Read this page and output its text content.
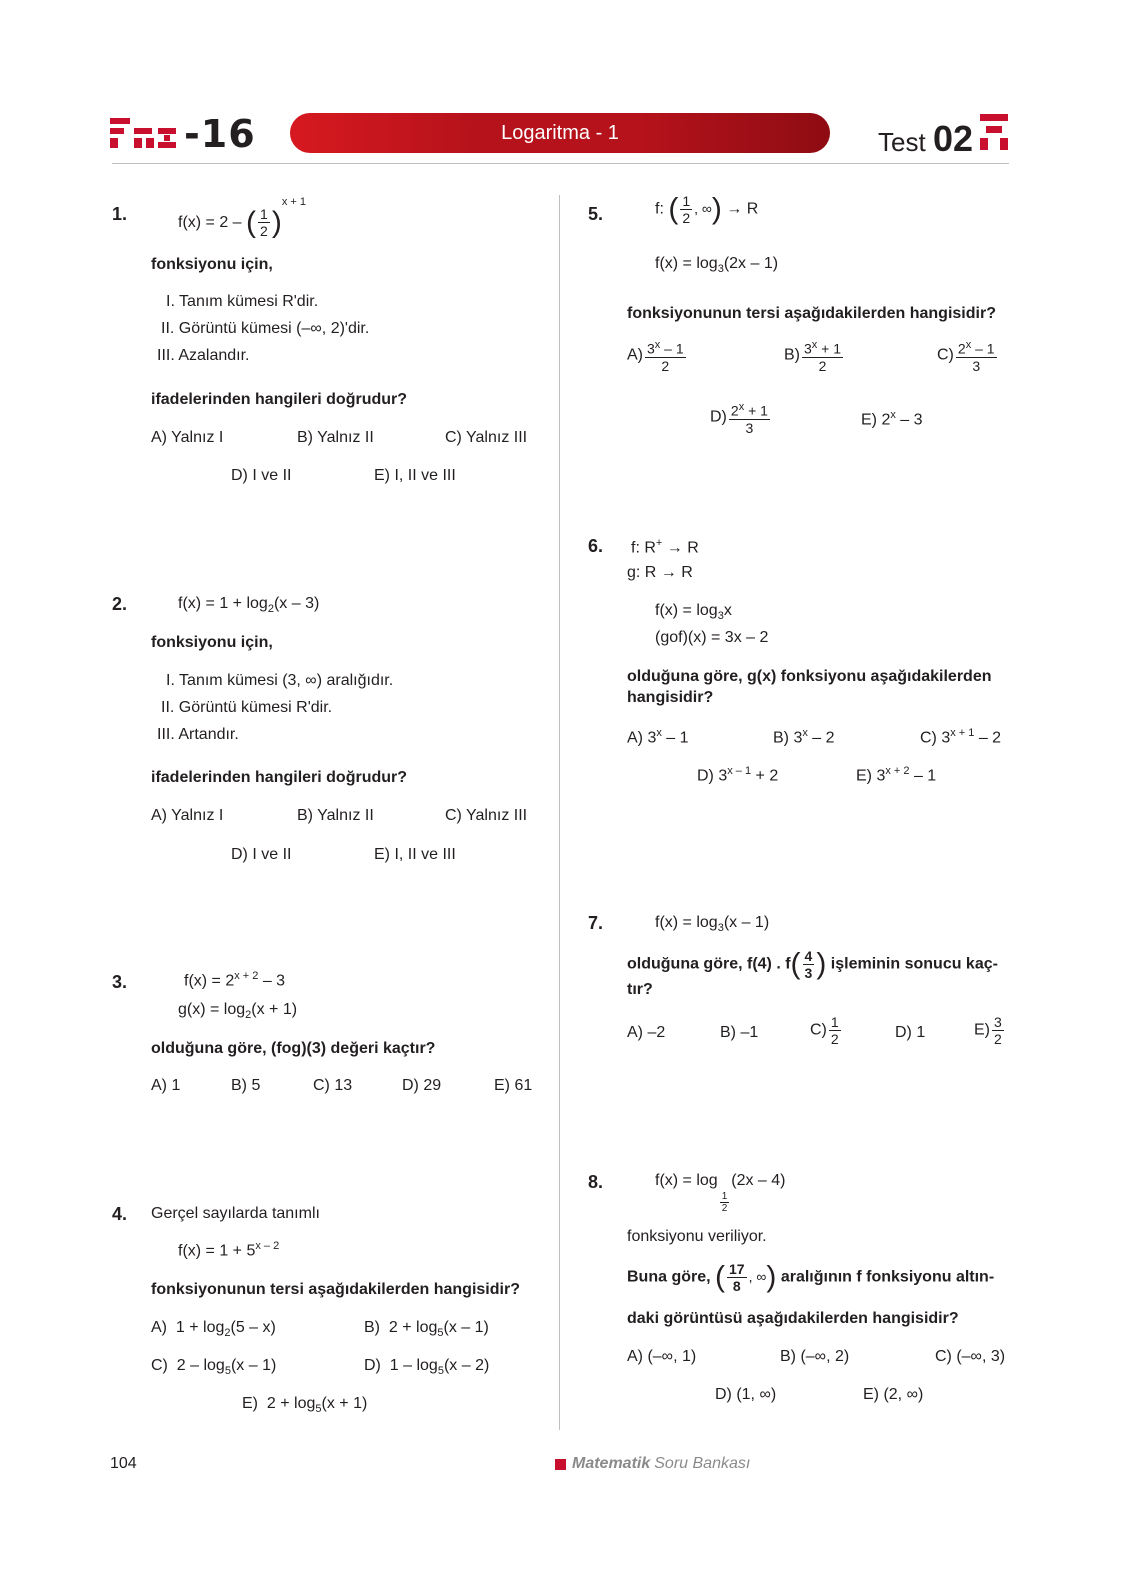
-16	Logaritma - 1	Test 02
1.	f(x) = 2 – ( $\frac{1}{2} )^{x + 1}$
fonksiyonu için,
I. Tanım kümesi R'dir.
II. Görüntü kümesi (–∞, 2)'dir.
III. Azalandır.
ifadelerinden hangileri doğrudur?
A) Yalnız I	B) Yalnız II	C) Yalnız III
D) I ve II	E) I, II ve III
2.	$f(x) = 1 + \log_2(x - 3)$
fonksiyonu için,
I. Tanım kümesi (3, ∞) aralığıdır.
II. Görüntü kümesi R'dir.
III. Artandır.
ifadelerinden hangileri doğrudur?
A) Yalnız I	B) Yalnız II	C) Yalnız III
D) I ve II	E) I, II ve III
3.	$f(x) = 2^{x + 2} - 3$
$g(x) = \log_2(x + 1)$
olduğuna göre, (fog)(3) değeri kaçtır?
A) 1	B) 5	C) 13	D) 29	E) 61
4. Gerçel sayılarda tanımlı
$f(x) = 1 + 5^{x - 2}$
fonksiyonunun tersi aşağıdakilerden hangisidir?
A) $1 + \log_2(5 - x)$	B) $2 + \log_5(x - 1)$
C) $2 - \log_5(x - 1)$	D) $1 - \log_5(x - 2)$
E) $2 + \log_5(x + 1)$
5.	f: ( $\frac{1}{2}$ , ∞) → R
$f(x) = \log_3(2x - 1)$
fonksiyonunun tersi aşağıdakilerden hangisidir?
$A) \frac{3^x - 1}{2}$	$B) \frac{3^x + 1}{2}$	$C) \frac{2^x - 1}{3}$
$D) \frac{2^x + 1}{3}$	E) 2$^x$ – 3
6. f: R+ → R
g: R → R
$f(x) = \log_3x$
(gof)(x) = 3x – 2
olduğuna göre, g(x) fonksiyonu aşağıdakilerden
hangisidir?
A) 3$^x$ – 1	B) 3$^x$ – 2	C) $3^{x + 1} - 2$
D) $3^{x - 1} + 2$	E) $3^{x + 2} - 1$
7.	$f(x) = \log_3(x - 1)$
olduğuna göre, f(4) . $f( \frac{4}{3}$ ) işleminin sonucu kaç-
tır?
A) –2	B) –1	$C) \frac{1}{2}$	D) 1	$E) \frac{3}{2}$
8.	f(x) = log
$\frac{1}{2}$
(2x – 4)
fonksiyonu veriliyor.
Buna göre, ( $\frac{17}{8}$ , ∞) aralığının f fonksiyonu altın-
daki görüntüsü aşağıdakilerden hangisidir?
A) (–∞, 1)	B) (–∞, 2)	C) (–∞, 3)
D) (1, ∞)	E) (2, ∞)
104	Matematik Soru Bankası
